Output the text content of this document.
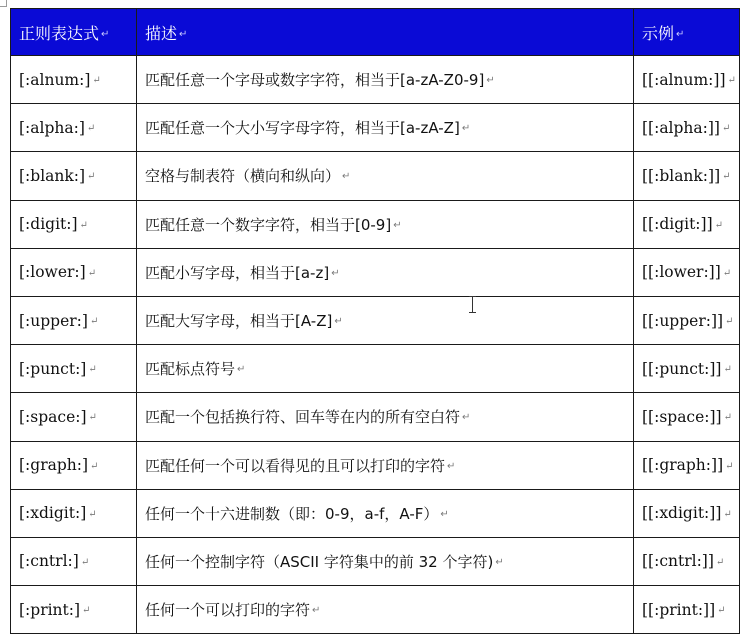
正则表达式 ↵	描述 ↵	示例 ↵
[:alnum:] ↵	匹配任意一个字母或数字字符，相当于[a-zA-Z0-9] ↵	[[:alnum:]] ↵
[:alpha:] ↵	匹配任意一个大小写字母字符，相当于[a-zA-Z] ↵	[[:alpha:]] ↵
[:blank:] ↵	空格与制表符（横向和纵向） ↵	[[:blank:]] ↵
[:digit:] ↵	匹配任意一个数字字符，相当于[0-9] ↵	[[:digit:]] ↵
[:lower:] ↵	匹配小写字母，相当于[a-z] ↵	[[:lower:]] ↵
[:upper:] ↵	匹配大写字母，相当于[A-Z] ↵	[[:upper:]] ↵
[:punct:] ↵	匹配标点符号 ↵	[[:punct:]] ↵
[:space:] ↵	匹配一个包括换行符、回车等在内的所有空白符 ↵	[[:space:]] ↵
[:graph:] ↵	匹配任何一个可以看得见的且可以打印的字符 ↵	[[:graph:]] ↵
[:xdigit:] ↵	任何一个十六进制数（即：0-9，a-f，A-F） ↵	[[:xdigit:]] ↵
[:cntrl:] ↵	任何一个控制字符（ASCII 字符集中的前 32 个字符) ↵	[[:cntrl:]] ↵
[:print:] ↵	任何一个可以打印的字符 ↵	[[:print:]] ↵
